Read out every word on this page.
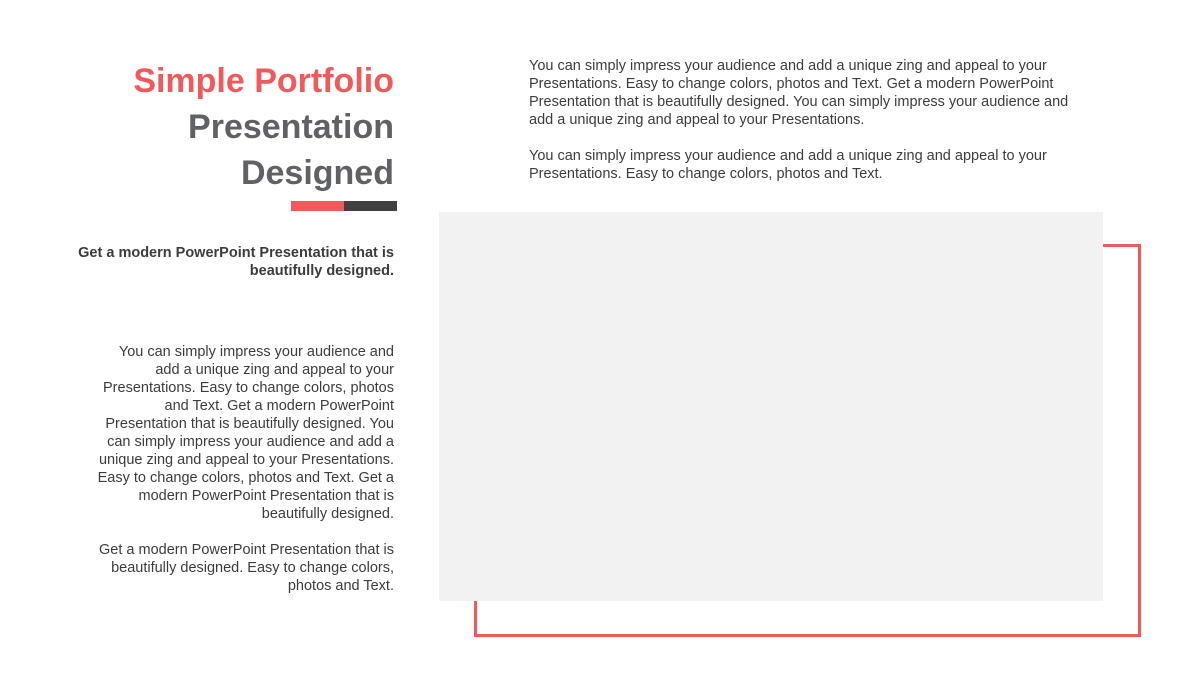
Simple Portfolio
Presentation
Designed
Get a modern PowerPoint Presentation that is beautifully designed.

You can simply impress your audience and add a unique zing and appeal to your Presentations. Easy to change colors, photos and Text. Get a modern PowerPoint Presentation that is beautifully designed. You can simply impress your audience and add a unique zing and appeal to your Presentations. Easy to change colors, photos and Text. Get a modern PowerPoint Presentation that is beautifully designed.

Get a modern PowerPoint Presentation that is beautifully designed. Easy to change colors, photos and Text.

You can simply impress your audience and add a unique zing and appeal to your Presentations. Easy to change colors, photos and Text. Get a modern PowerPoint Presentation that is beautifully designed. You can simply impress your audience and add a unique zing and appeal to your Presentations.

You can simply impress your audience and add a unique zing and appeal to your Presentations. Easy to change colors, photos and Text.
